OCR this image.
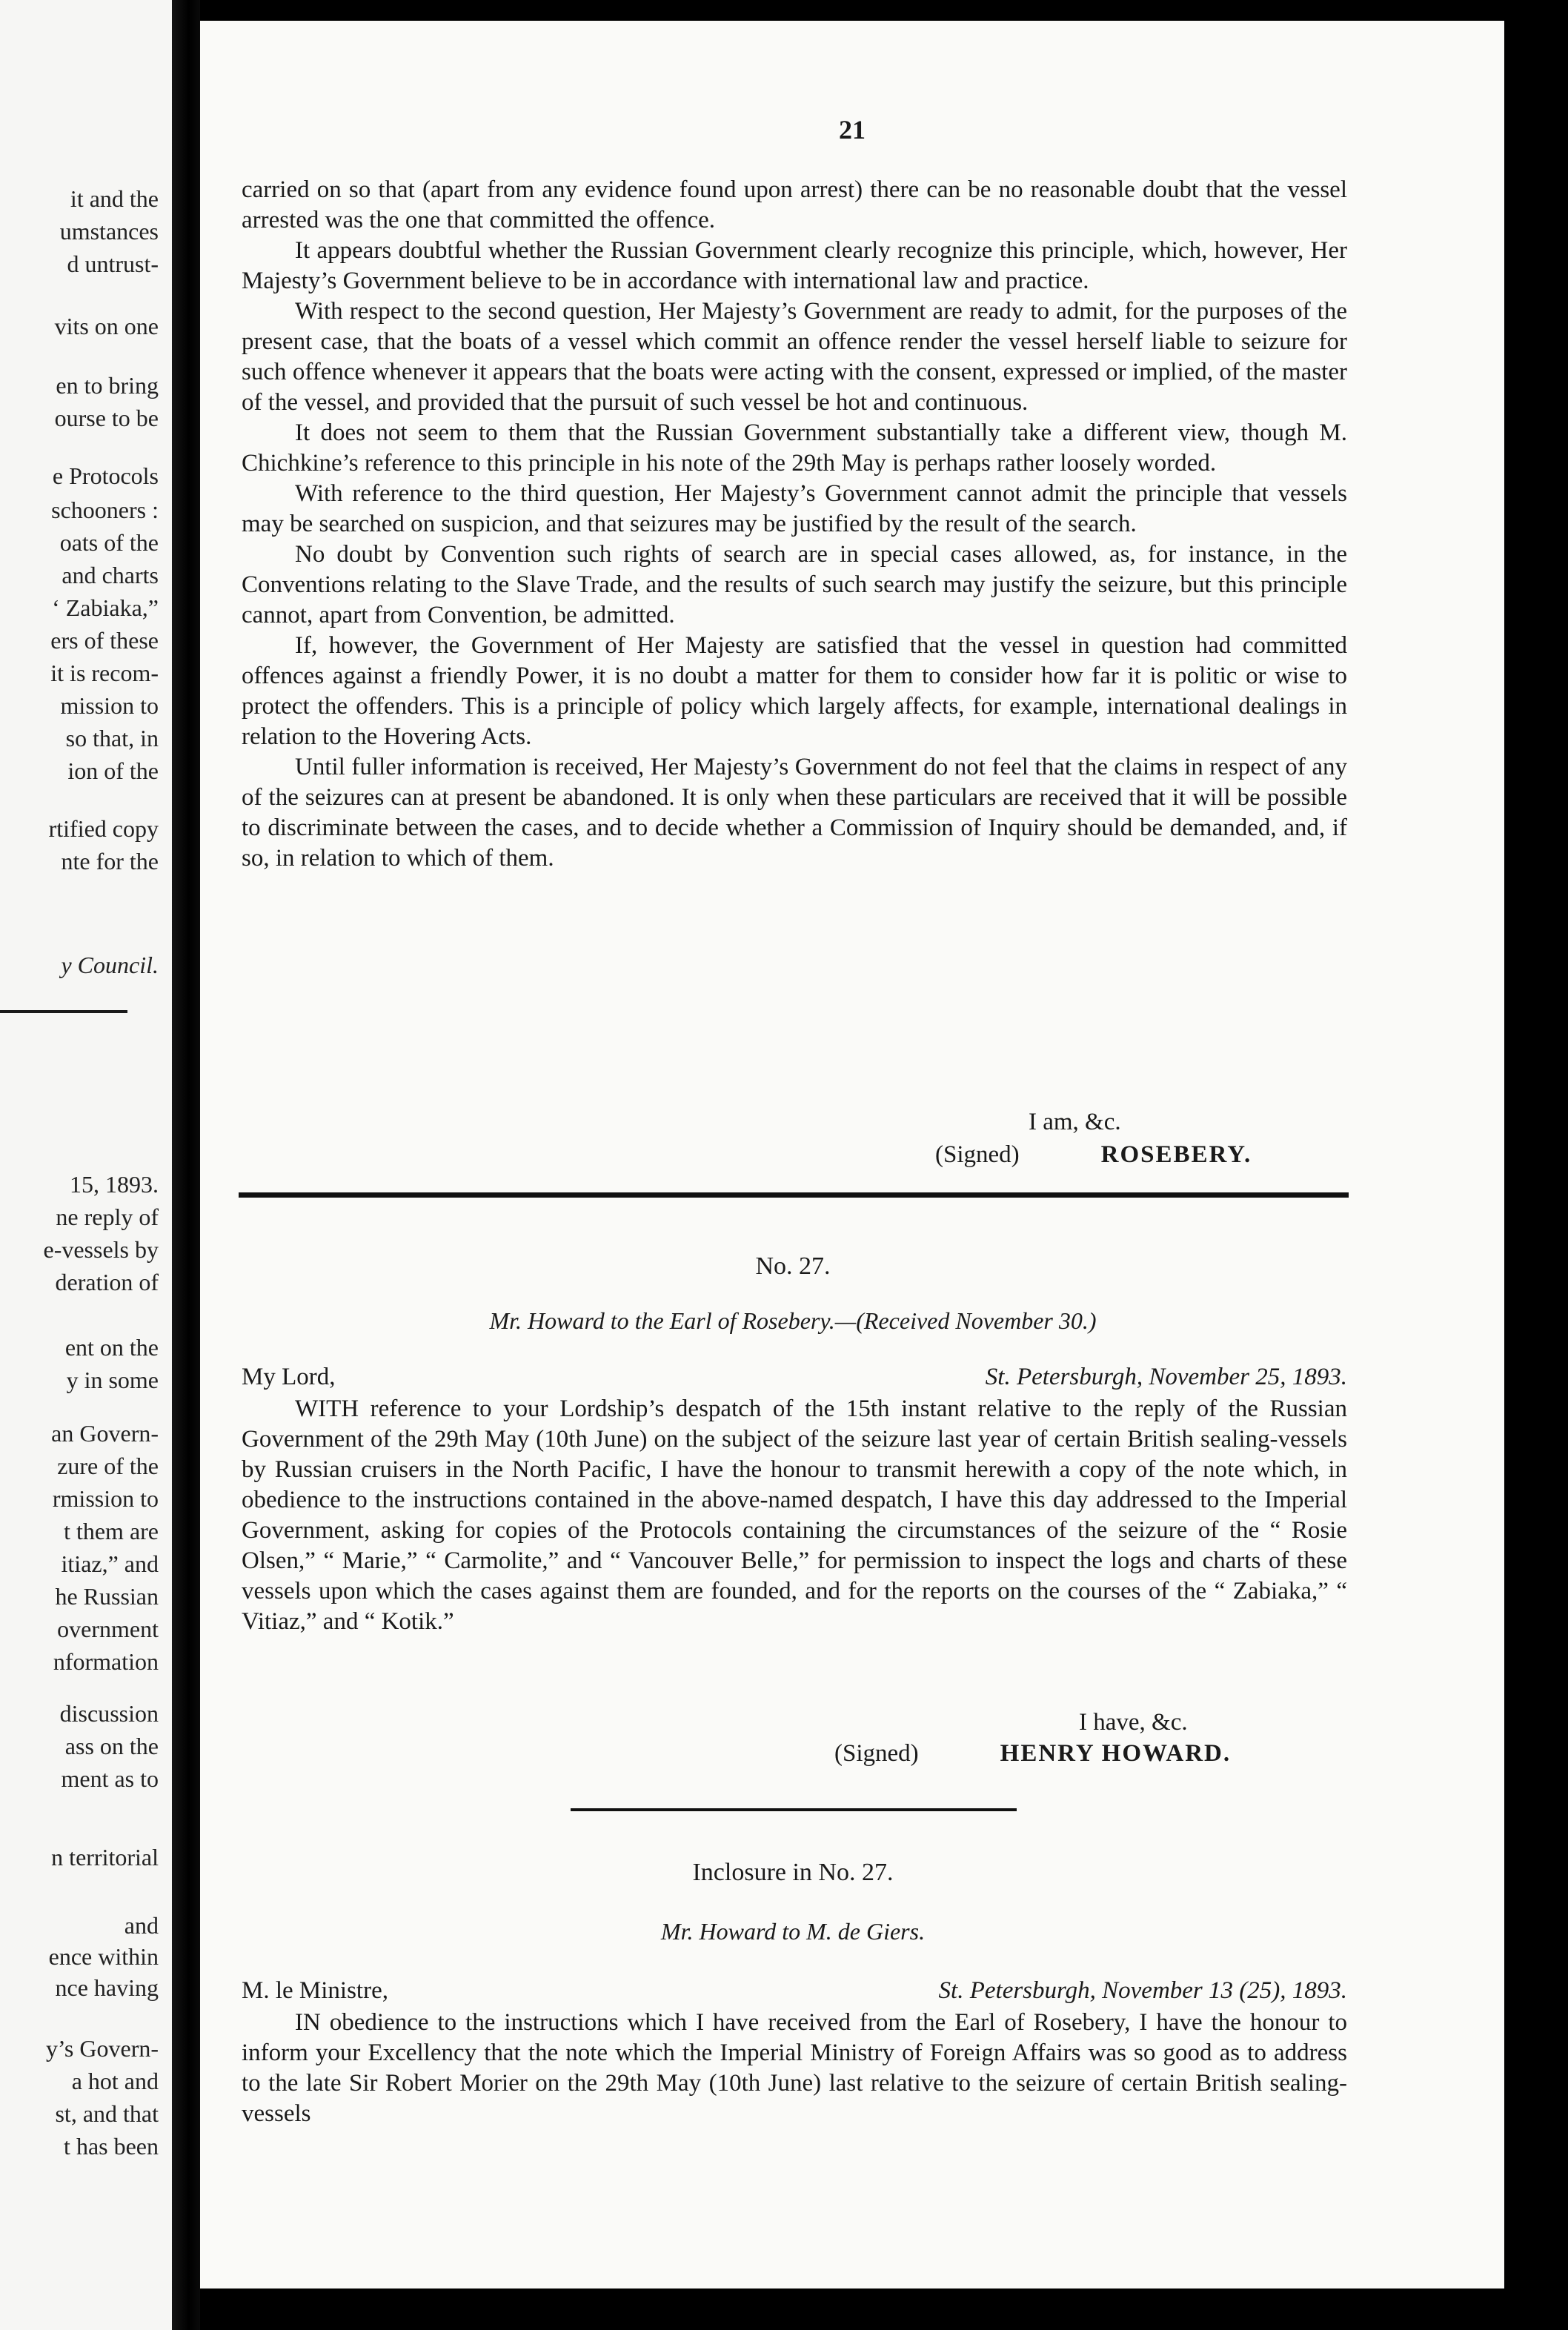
it and the
umstances
d untrust-
vits on one
en to bring
ourse to be
e Protocols
schooners :
oats of the
and charts
‘ Zabiaka,”
ers of these
it is recom-
mission to
so that, in
ion of the
rtified copy
nte for the
y Council.
15, 1893.
ne reply of
e-vessels by
deration of
ent on the
y in some
an Govern-
zure of the
rmission to
t them are
itiaz,” and
he Russian
overnment
nformation
discussion
ass on the
ment as to
n territorial
and
ence within
nce having
y’s Govern-
a hot and
st, and that
t has been
21

carried on so that (apart from any evidence found upon arrest) there can be no reasonable doubt that the vessel arrested was the one that committed the offence.

It appears doubtful whether the Russian Government clearly recognize this principle, which, however, Her Majesty’s Government believe to be in accordance with international law and practice.

With respect to the second question, Her Majesty’s Government are ready to admit, for the purposes of the present case, that the boats of a vessel which commit an offence render the vessel herself liable to seizure for such offence whenever it appears that the boats were acting with the consent, expressed or implied, of the master of the vessel, and provided that the pursuit of such vessel be hot and continuous.

It does not seem to them that the Russian Government substantially take a different view, though M. Chichkine’s reference to this principle in his note of the 29th May is perhaps rather loosely worded.

With reference to the third question, Her Majesty’s Government cannot admit the principle that vessels may be searched on suspicion, and that seizures may be justified by the result of the search.

No doubt by Convention such rights of search are in special cases allowed, as, for instance, in the Conventions relating to the Slave Trade, and the results of such search may justify the seizure, but this principle cannot, apart from Convention, be admitted.

If, however, the Government of Her Majesty are satisfied that the vessel in question had committed offences against a friendly Power, it is no doubt a matter for them to consider how far it is politic or wise to protect the offenders. This is a principle of policy which largely affects, for example, international dealings in relation to the Hovering Acts.

Until fuller information is received, Her Majesty’s Government do not feel that the claims in respect of any of the seizures can at present be abandoned. It is only when these particulars are received that it will be possible to discriminate between the cases, and to decide whether a Commission of Inquiry should be demanded, and, if so, in relation to which of them.

I am, &c.
(Signed)	ROSEBERY.
No. 27.
Mr. Howard to the Earl of Rosebery.—(Received November 30.)
My Lord,	St. Petersburgh, November 25, 1893.

WITH reference to your Lordship’s despatch of the 15th instant relative to the reply of the Russian Government of the 29th May (10th June) on the subject of the seizure last year of certain British sealing-vessels by Russian cruisers in the North Pacific, I have the honour to transmit herewith a copy of the note which, in obedience to the instructions contained in the above-named despatch, I have this day addressed to the Imperial Government, asking for copies of the Protocols containing the circumstances of the seizure of the “ Rosie Olsen,” “ Marie,” “ Carmolite,” and “ Vancouver Belle,” for permission to inspect the logs and charts of these vessels upon which the cases against them are founded, and for the reports on the courses of the “ Zabiaka,” “ Vitiaz,” and “ Kotik.”

I have, &c.
(Signed)	HENRY HOWARD.
Inclosure in No. 27.
Mr. Howard to M. de Giers.
M. le Ministre,	St. Petersburgh, November 13 (25), 1893.

IN obedience to the instructions which I have received from the Earl of Rosebery, I have the honour to inform your Excellency that the note which the Imperial Ministry of Foreign Affairs was so good as to address to the late Sir Robert Morier on the 29th May (10th June) last relative to the seizure of certain British sealing-vessels
